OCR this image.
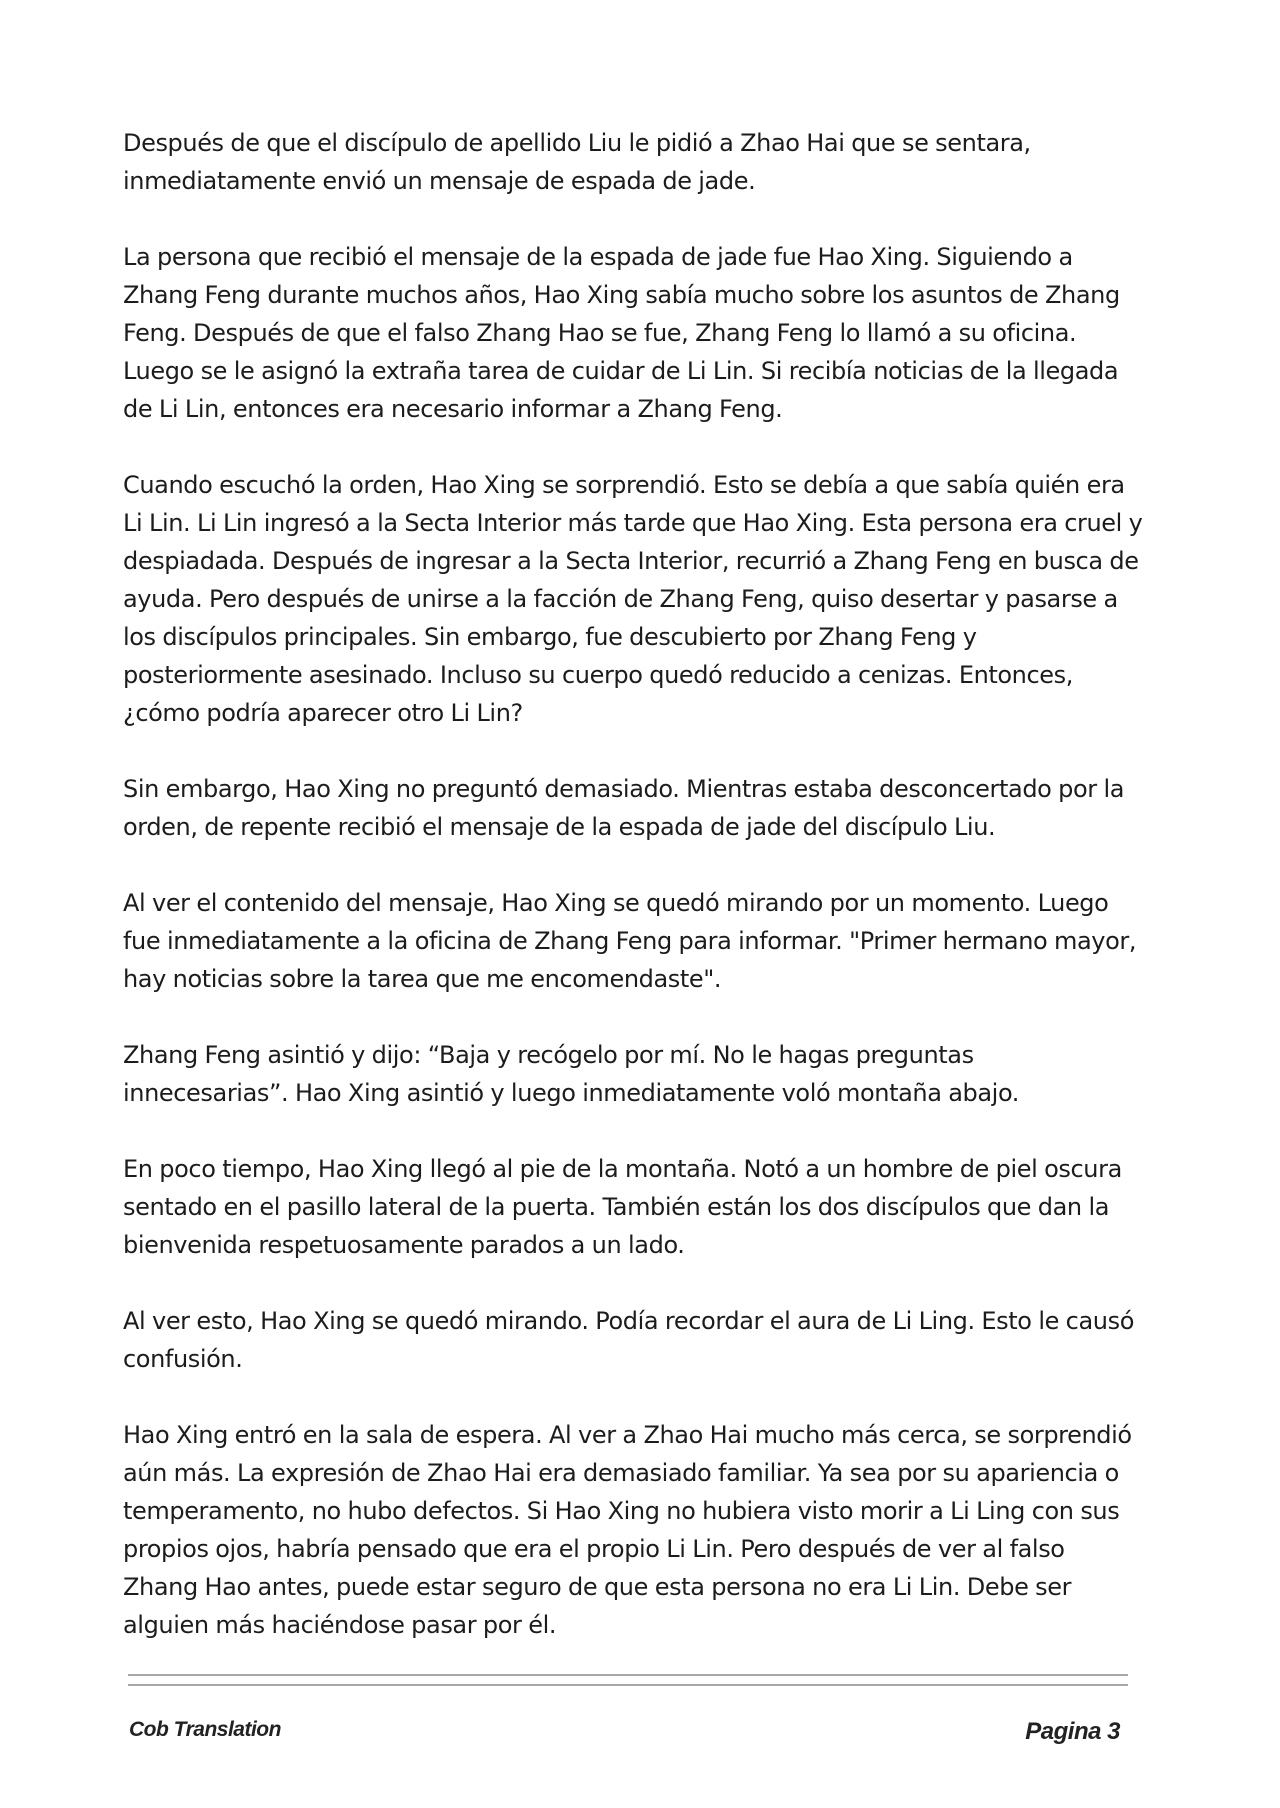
Después de que el discípulo de apellido Liu le pidió a Zhao Hai que se sentara, inmediatamente envió un mensaje de espada de jade.

La persona que recibió el mensaje de la espada de jade fue Hao Xing. Siguiendo a Zhang Feng durante muchos años, Hao Xing sabía mucho sobre los asuntos de Zhang Feng. Después de que el falso Zhang Hao se fue, Zhang Feng lo llamó a su oficina. Luego se le asignó la extraña tarea de cuidar de Li Lin. Si recibía noticias de la llegada de Li Lin, entonces era necesario informar a Zhang Feng.

Cuando escuchó la orden, Hao Xing se sorprendió. Esto se debía a que sabía quién era Li Lin. Li Lin ingresó a la Secta Interior más tarde que Hao Xing. Esta persona era cruel y despiadada. Después de ingresar a la Secta Interior, recurrió a Zhang Feng en busca de ayuda. Pero después de unirse a la facción de Zhang Feng, quiso desertar y pasarse a los discípulos principales. Sin embargo, fue descubierto por Zhang Feng y posteriormente asesinado. Incluso su cuerpo quedó reducido a cenizas. Entonces, ¿cómo podría aparecer otro Li Lin?

Sin embargo, Hao Xing no preguntó demasiado. Mientras estaba desconcertado por la orden, de repente recibió el mensaje de la espada de jade del discípulo Liu.

Al ver el contenido del mensaje, Hao Xing se quedó mirando por un momento. Luego fue inmediatamente a la oficina de Zhang Feng para informar. "Primer hermano mayor, hay noticias sobre la tarea que me encomendaste".

Zhang Feng asintió y dijo: “Baja y recógelo por mí. No le hagas preguntas innecesarias”. Hao Xing asintió y luego inmediatamente voló montaña abajo.

En poco tiempo, Hao Xing llegó al pie de la montaña. Notó a un hombre de piel oscura sentado en el pasillo lateral de la puerta. También están los dos discípulos que dan la bienvenida respetuosamente parados a un lado.

Al ver esto, Hao Xing se quedó mirando. Podía recordar el aura de Li Ling. Esto le causó confusión.

Hao Xing entró en la sala de espera. Al ver a Zhao Hai mucho más cerca, se sorprendió aún más. La expresión de Zhao Hai era demasiado familiar. Ya sea por su apariencia o temperamento, no hubo defectos. Si Hao Xing no hubiera visto morir a Li Ling con sus propios ojos, habría pensado que era el propio Li Lin. Pero después de ver al falso Zhang Hao antes, puede estar seguro de que esta persona no era Li Lin. Debe ser alguien más haciéndose pasar por él.

Cob Translation	Pagina 3
